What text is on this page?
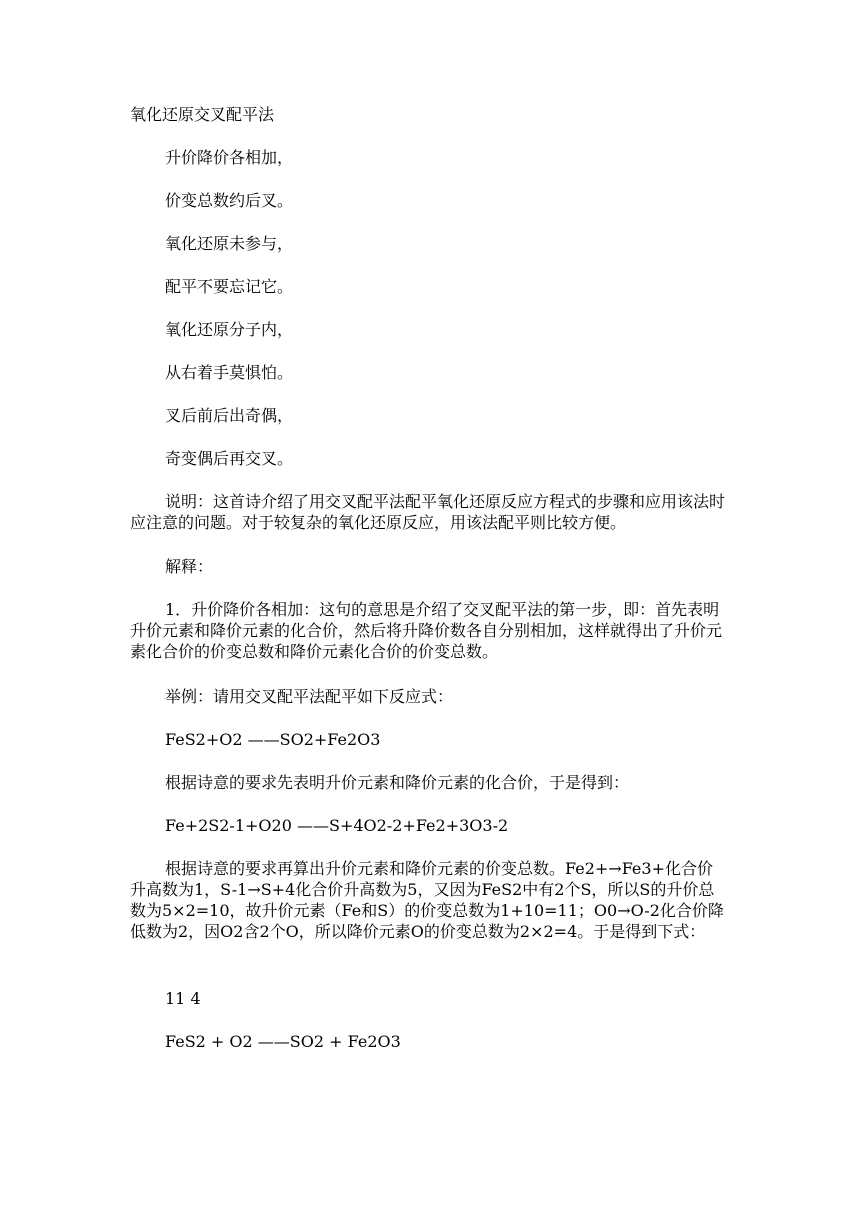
氧化还原交叉配平法

升价降价各相加，

价变总数约后叉。

氧化还原未参与，

配平不要忘记它。

氧化还原分子内，

从右着手莫惧怕。

叉后前后出奇偶，

奇变偶后再交叉。

说明：这首诗介绍了用交叉配平法配平氧化还原反应方程式的步骤和应用该法时应注意的问题。对于较复杂的氧化还原反应，用该法配平则比较方便。

解释：

1．升价降价各相加：这句的意思是介绍了交叉配平法的第一步，即：首先表明升价元素和降价元素的化合价，然后将升降价数各自分别相加，这样就得出了升价元素化合价的价变总数和降价元素化合价的价变总数。

举例：请用交叉配平法配平如下反应式：

FeS2+O2 ——SO2+Fe2O3

根据诗意的要求先表明升价元素和降价元素的化合价，于是得到：

Fe+2S2-1+O20 ——S+4O2-2+Fe2+3O3-2

根据诗意的要求再算出升价元素和降价元素的价变总数。Fe2+→Fe3+化合价升高数为1，S-1→S+4化合价升高数为5，又因为FeS2中有2个S，所以S的升价总数为5×2=10，故升价元素（Fe和S）的价变总数为1+10=11；O0→O-2化合价降低数为2，因O2含2个O，所以降价元素O的价变总数为2×2=4。于是得到下式：

11 4

FeS2 + O2 ——SO2 + Fe2O3
